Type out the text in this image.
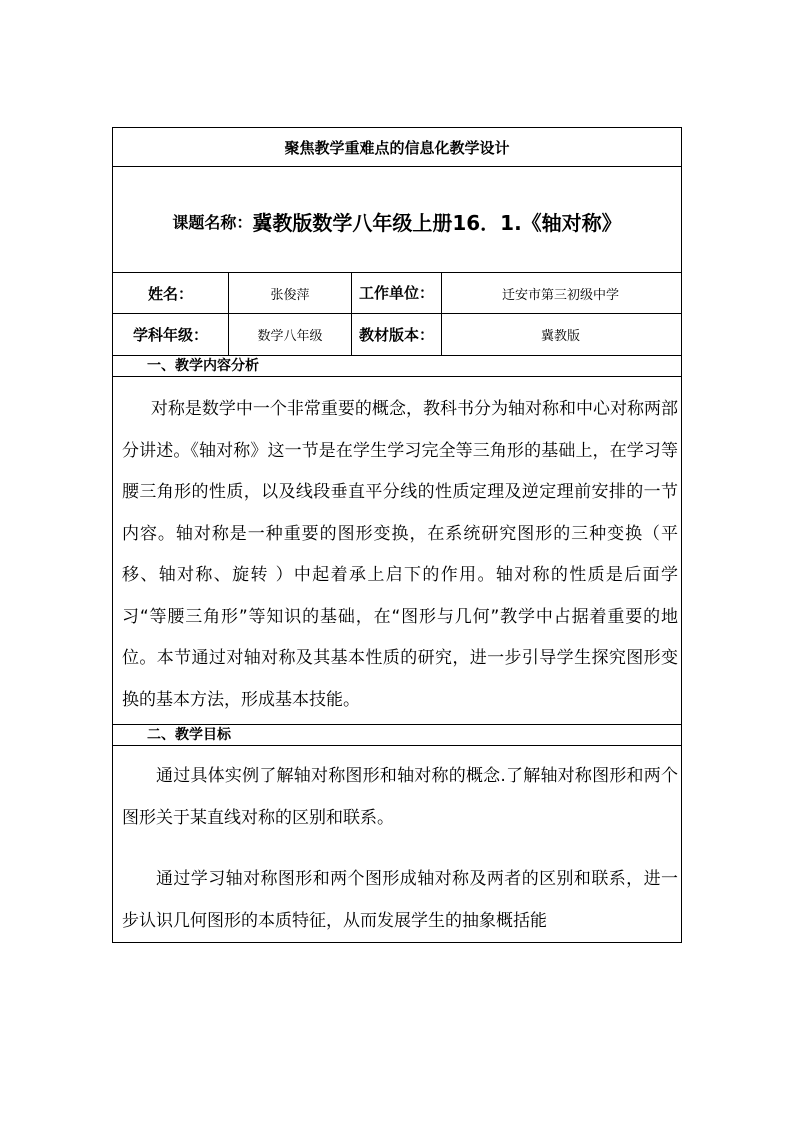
聚焦教学重难点的信息化教学设计
课题名称： 冀教版数学八年级上册16．1.《轴对称》
姓名：	张俊萍	工作单位：	迁安市第三初级中学
学科年级：	数学八年级	教材版本：	冀教版
一、教学内容分析

对称是数学中一个非常重要的概念，教科书分为轴对称和中心对称两部分讲述。《轴对称》这一节是在学生学习完全等三角形的基础上，在学习等腰三角形的性质，以及线段垂直平分线的性质定理及逆定理前安排的一节内容。轴对称是一种重要的图形变换，在系统研究图形的三种变换（平移、轴对称、旋转 ）中起着承上启下的作用。轴对称的性质是后面学习“等腰三角形”等知识的基础，在“图形与几何”教学中占据着重要的地位。本节通过对轴对称及其基本性质的研究，进一步引导学生探究图形变换的基本方法，形成基本技能。

二、教学目标

通过具体实例了解轴对称图形和轴对称的概念.了解轴对称图形和两个图形关于某直线对称的区别和联系。

通过学习轴对称图形和两个图形成轴对称及两者的区别和联系，进一步认识几何图形的本质特征，从而发展学生的抽象概括能
